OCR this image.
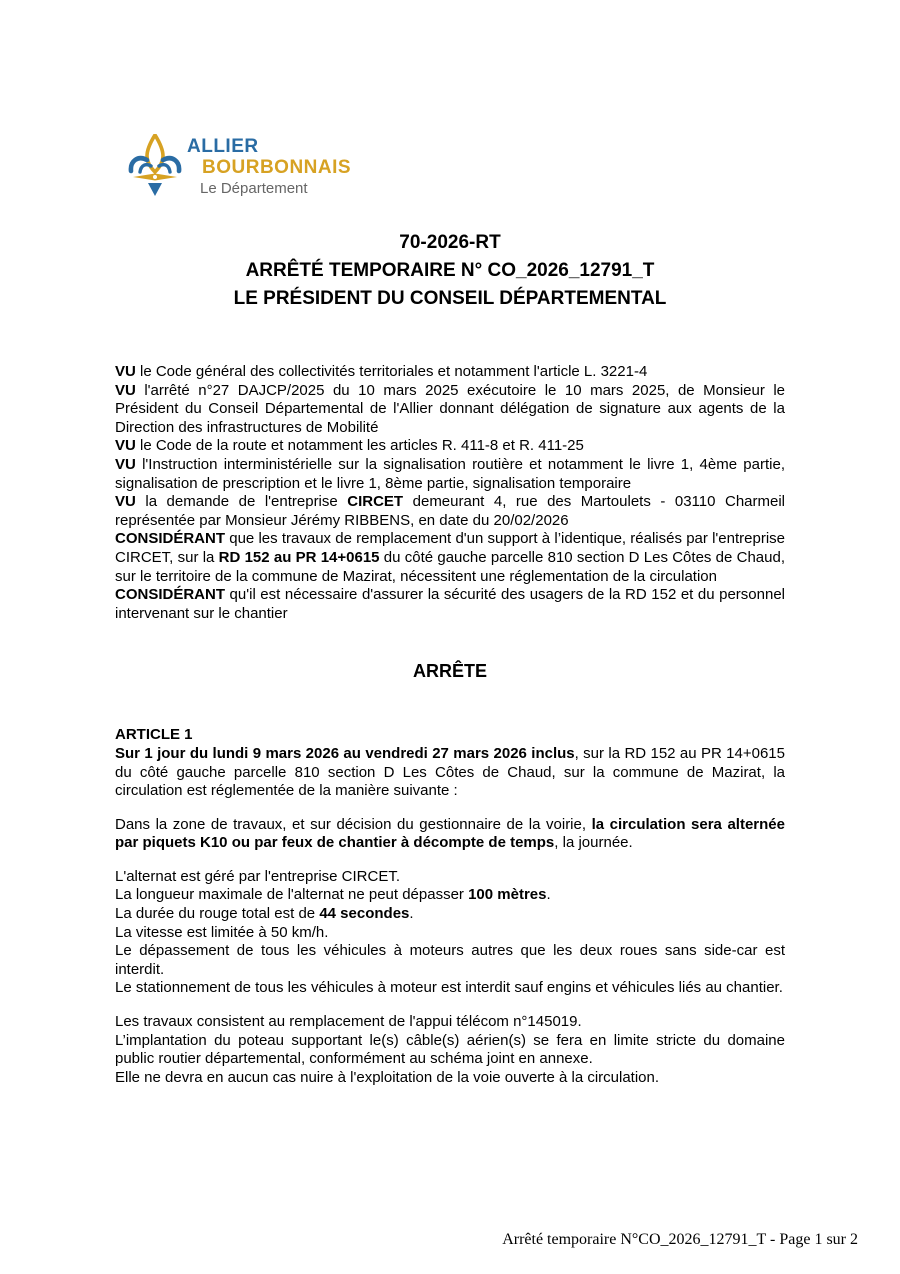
ALLIER
BOURBONNAIS
Le Département
70-2026-RT
ARRÊTÉ TEMPORAIRE N° CO_2026_12791_T
LE PRÉSIDENT DU CONSEIL DÉPARTEMENTAL

VU le Code général des collectivités territoriales et notamment l'article L. 3221-4

VU l'arrêté n°27 DAJCP/2025 du 10 mars 2025 exécutoire le 10 mars 2025, de Monsieur le Président du Conseil Départemental de l'Allier donnant délégation de signature aux agents de la Direction des infrastructures de Mobilité

VU le Code de la route et notamment les articles R. 411-8 et R. 411-25

VU l'Instruction interministérielle sur la signalisation routière et notamment le livre 1, 4ème partie, signalisation de prescription et le livre 1, 8ème partie, signalisation temporaire

VU la demande de l'entreprise CIRCET demeurant 4, rue des Martoulets - 03110 Charmeil représentée par Monsieur Jérémy RIBBENS, en date du 20/02/2026

CONSIDÉRANT que les travaux de remplacement d'un support à l’identique, réalisés par l'entreprise CIRCET, sur la RD 152 au PR 14+0615 du côté gauche parcelle 810 section D Les Côtes de Chaud, sur le territoire de la commune de Mazirat, nécessitent une réglementation de la circulation

CONSIDÉRANT qu'il est nécessaire d'assurer la sécurité des usagers de la RD 152 et du personnel intervenant sur le chantier

ARRÊTE

ARTICLE 1

Sur 1 jour du lundi 9 mars 2026 au vendredi 27 mars 2026 inclus, sur la RD 152 au PR 14+0615 du côté gauche parcelle 810 section D Les Côtes de Chaud, sur la commune de Mazirat, la circulation est réglementée de la manière suivante :

Dans la zone de travaux, et sur décision du gestionnaire de la voirie, la circulation sera alternée par piquets K10 ou par feux de chantier à décompte de temps, la journée.

L'alternat est géré par l'entreprise CIRCET.

La longueur maximale de l'alternat ne peut dépasser 100 mètres.

La durée du rouge total est de 44 secondes.

La vitesse est limitée à 50 km/h.

Le dépassement de tous les véhicules à moteurs autres que les deux roues sans side-car est interdit.

Le stationnement de tous les véhicules à moteur est interdit sauf engins et véhicules liés au chantier.

Les travaux consistent au remplacement de l'appui télécom n°145019.

L’implantation du poteau supportant le(s) câble(s) aérien(s) se fera en limite stricte du domaine public routier départemental, conformément au schéma joint en annexe.

Elle ne devra en aucun cas nuire à l'exploitation de la voie ouverte à la circulation.

Arrêté temporaire N°CO_2026_12791_T - Page 1 sur 2
